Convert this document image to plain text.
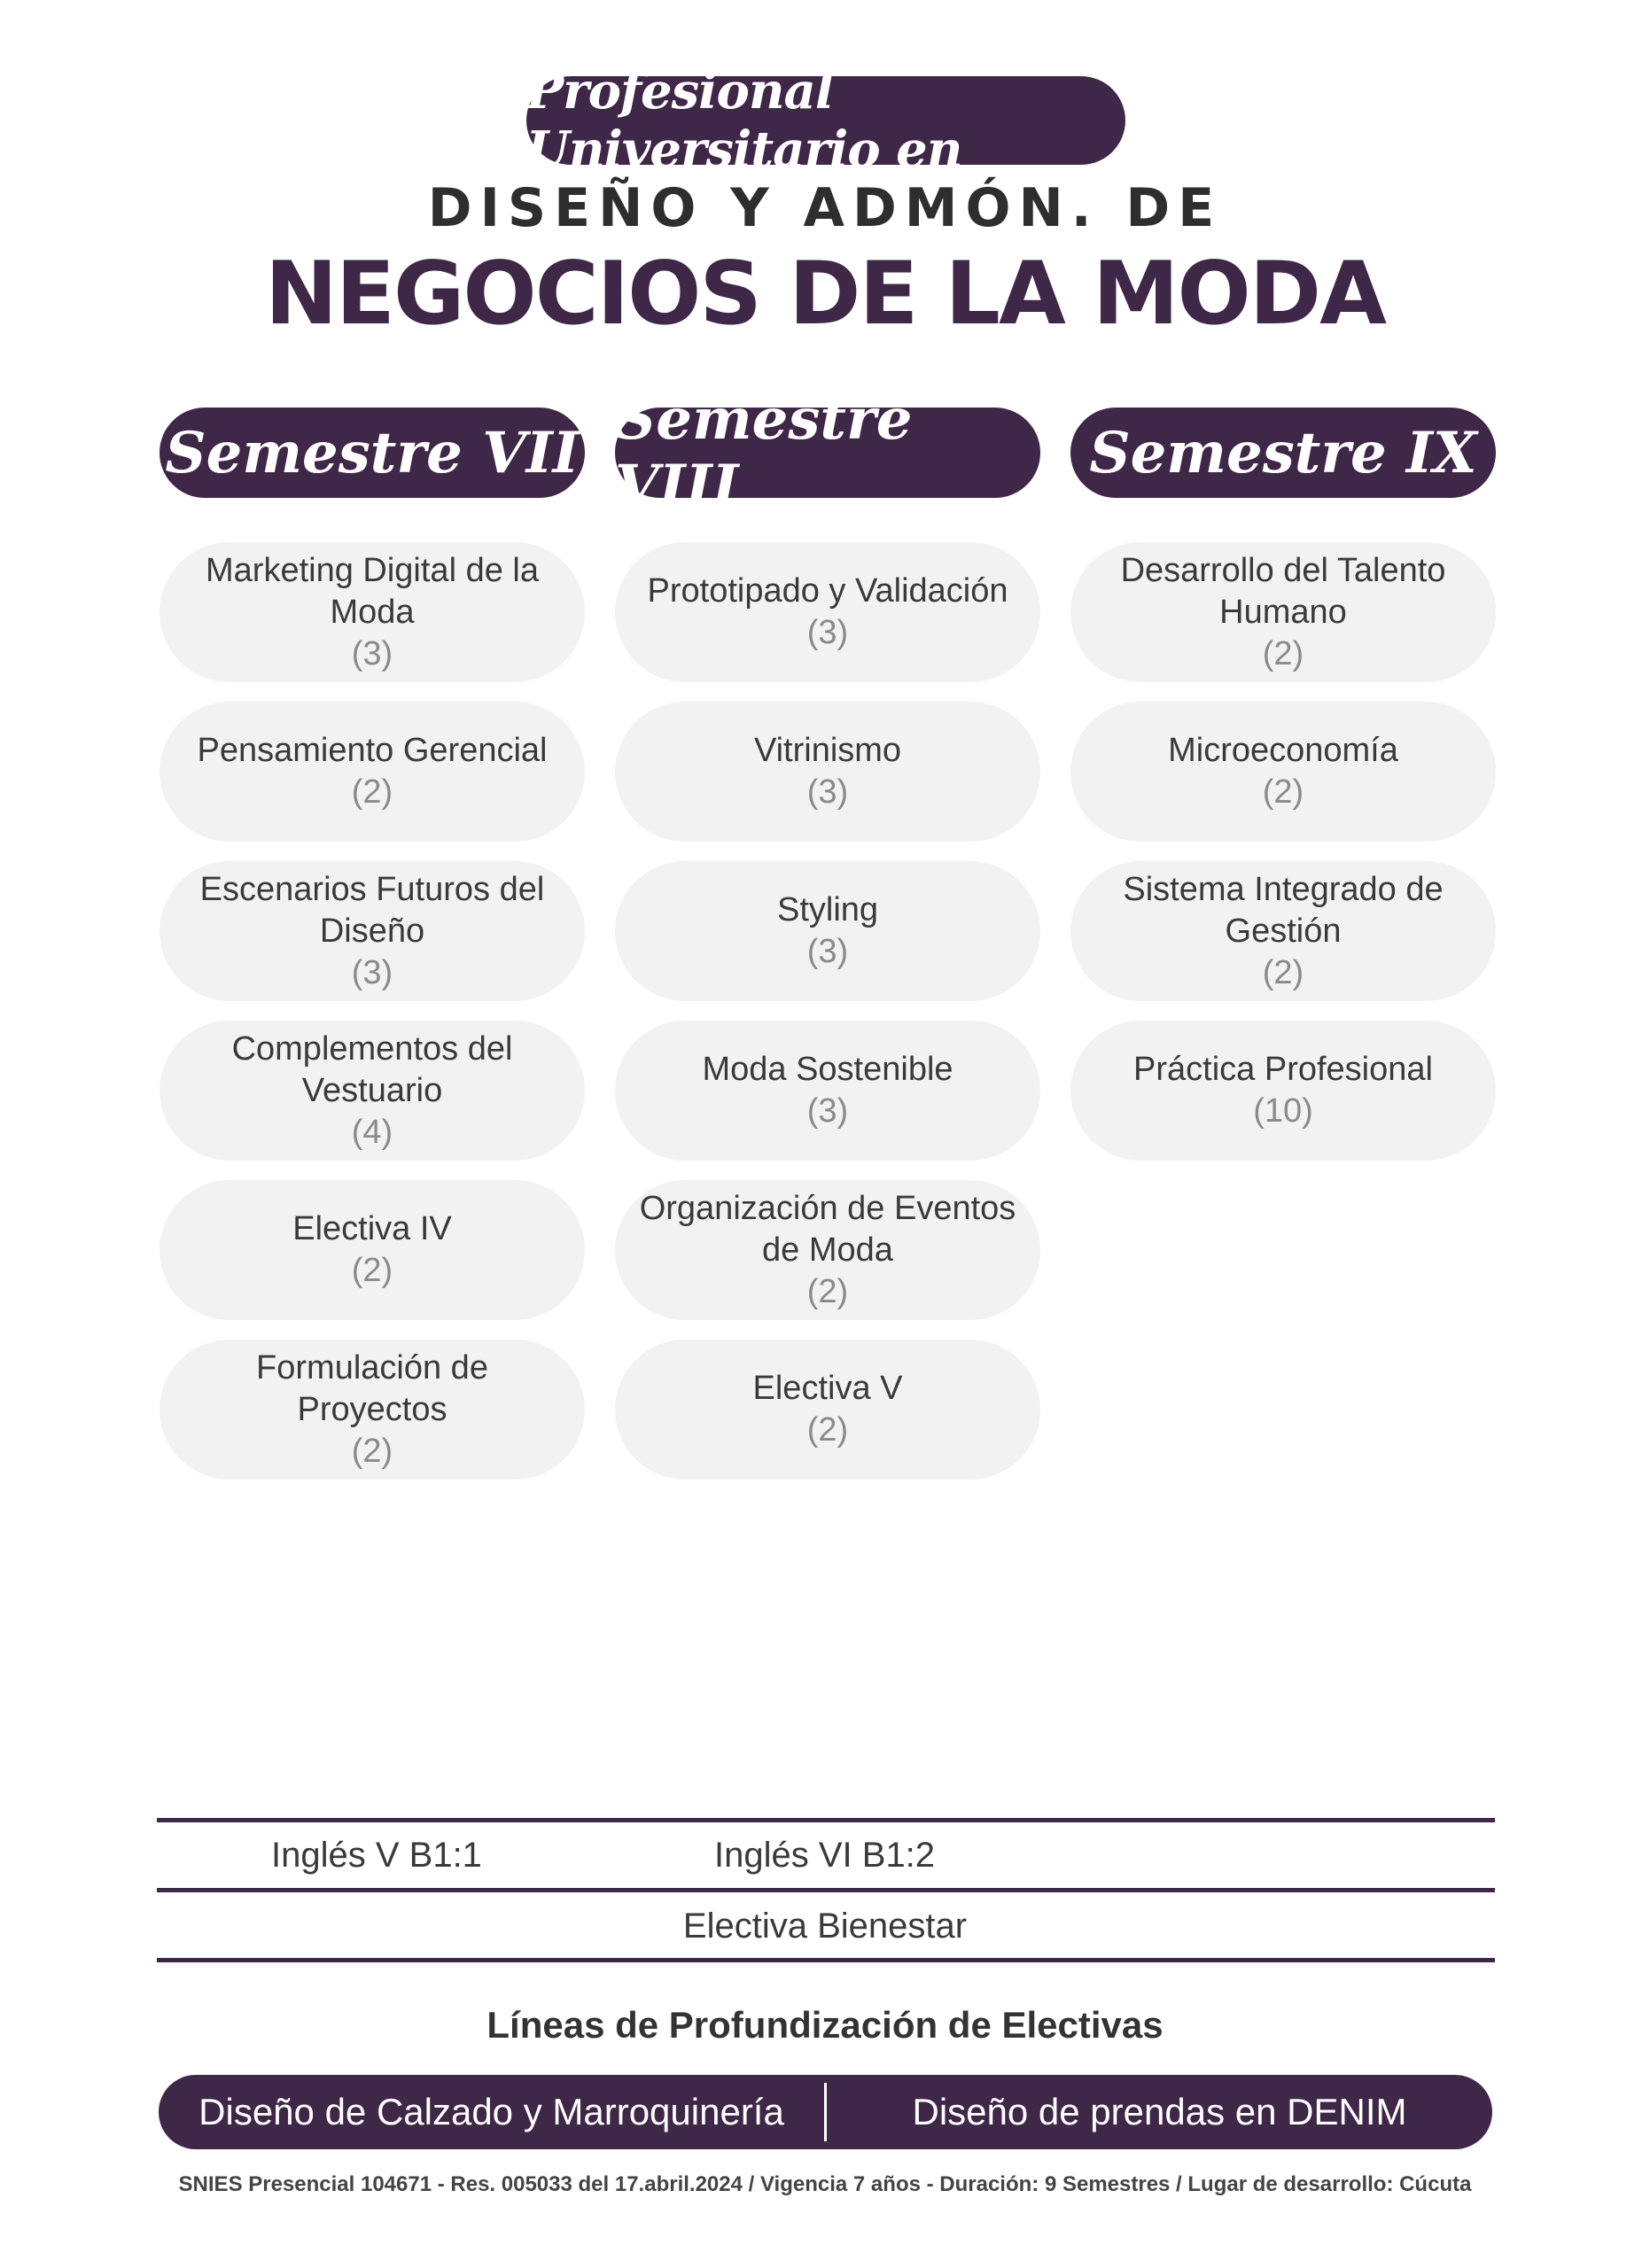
Profesional Universitario en
DISEÑO Y ADMÓN. DE
NEGOCIOS DE LA MODA
Semestre VII
Marketing Digital de la Moda
(3)
Pensamiento Gerencial
(2)
Escenarios Futuros del Diseño
(3)
Complementos del Vestuario
(4)
Electiva IV
(2)
Formulación de Proyectos
(2)
Semestre VIII
Prototipado y Validación
(3)
Vitrinismo
(3)
Styling
(3)
Moda Sostenible
(3)
Organización de Eventos de Moda
(2)
Electiva V
(2)
Semestre IX
Desarrollo del Talento Humano
(2)
Microeconomía
(2)
Sistema Integrado de Gestión
(2)
Práctica Profesional
(10)
Inglés V B1:1	Inglés VI B1:2
Electiva Bienestar
Líneas de Profundización de Electivas
Diseño de Calzado y Marroquinería	Diseño de prendas en DENIM
SNIES Presencial 104671 - Res. 005033 del 17.abril.2024 / Vigencia 7 años - Duración: 9 Semestres / Lugar de desarrollo: Cúcuta
